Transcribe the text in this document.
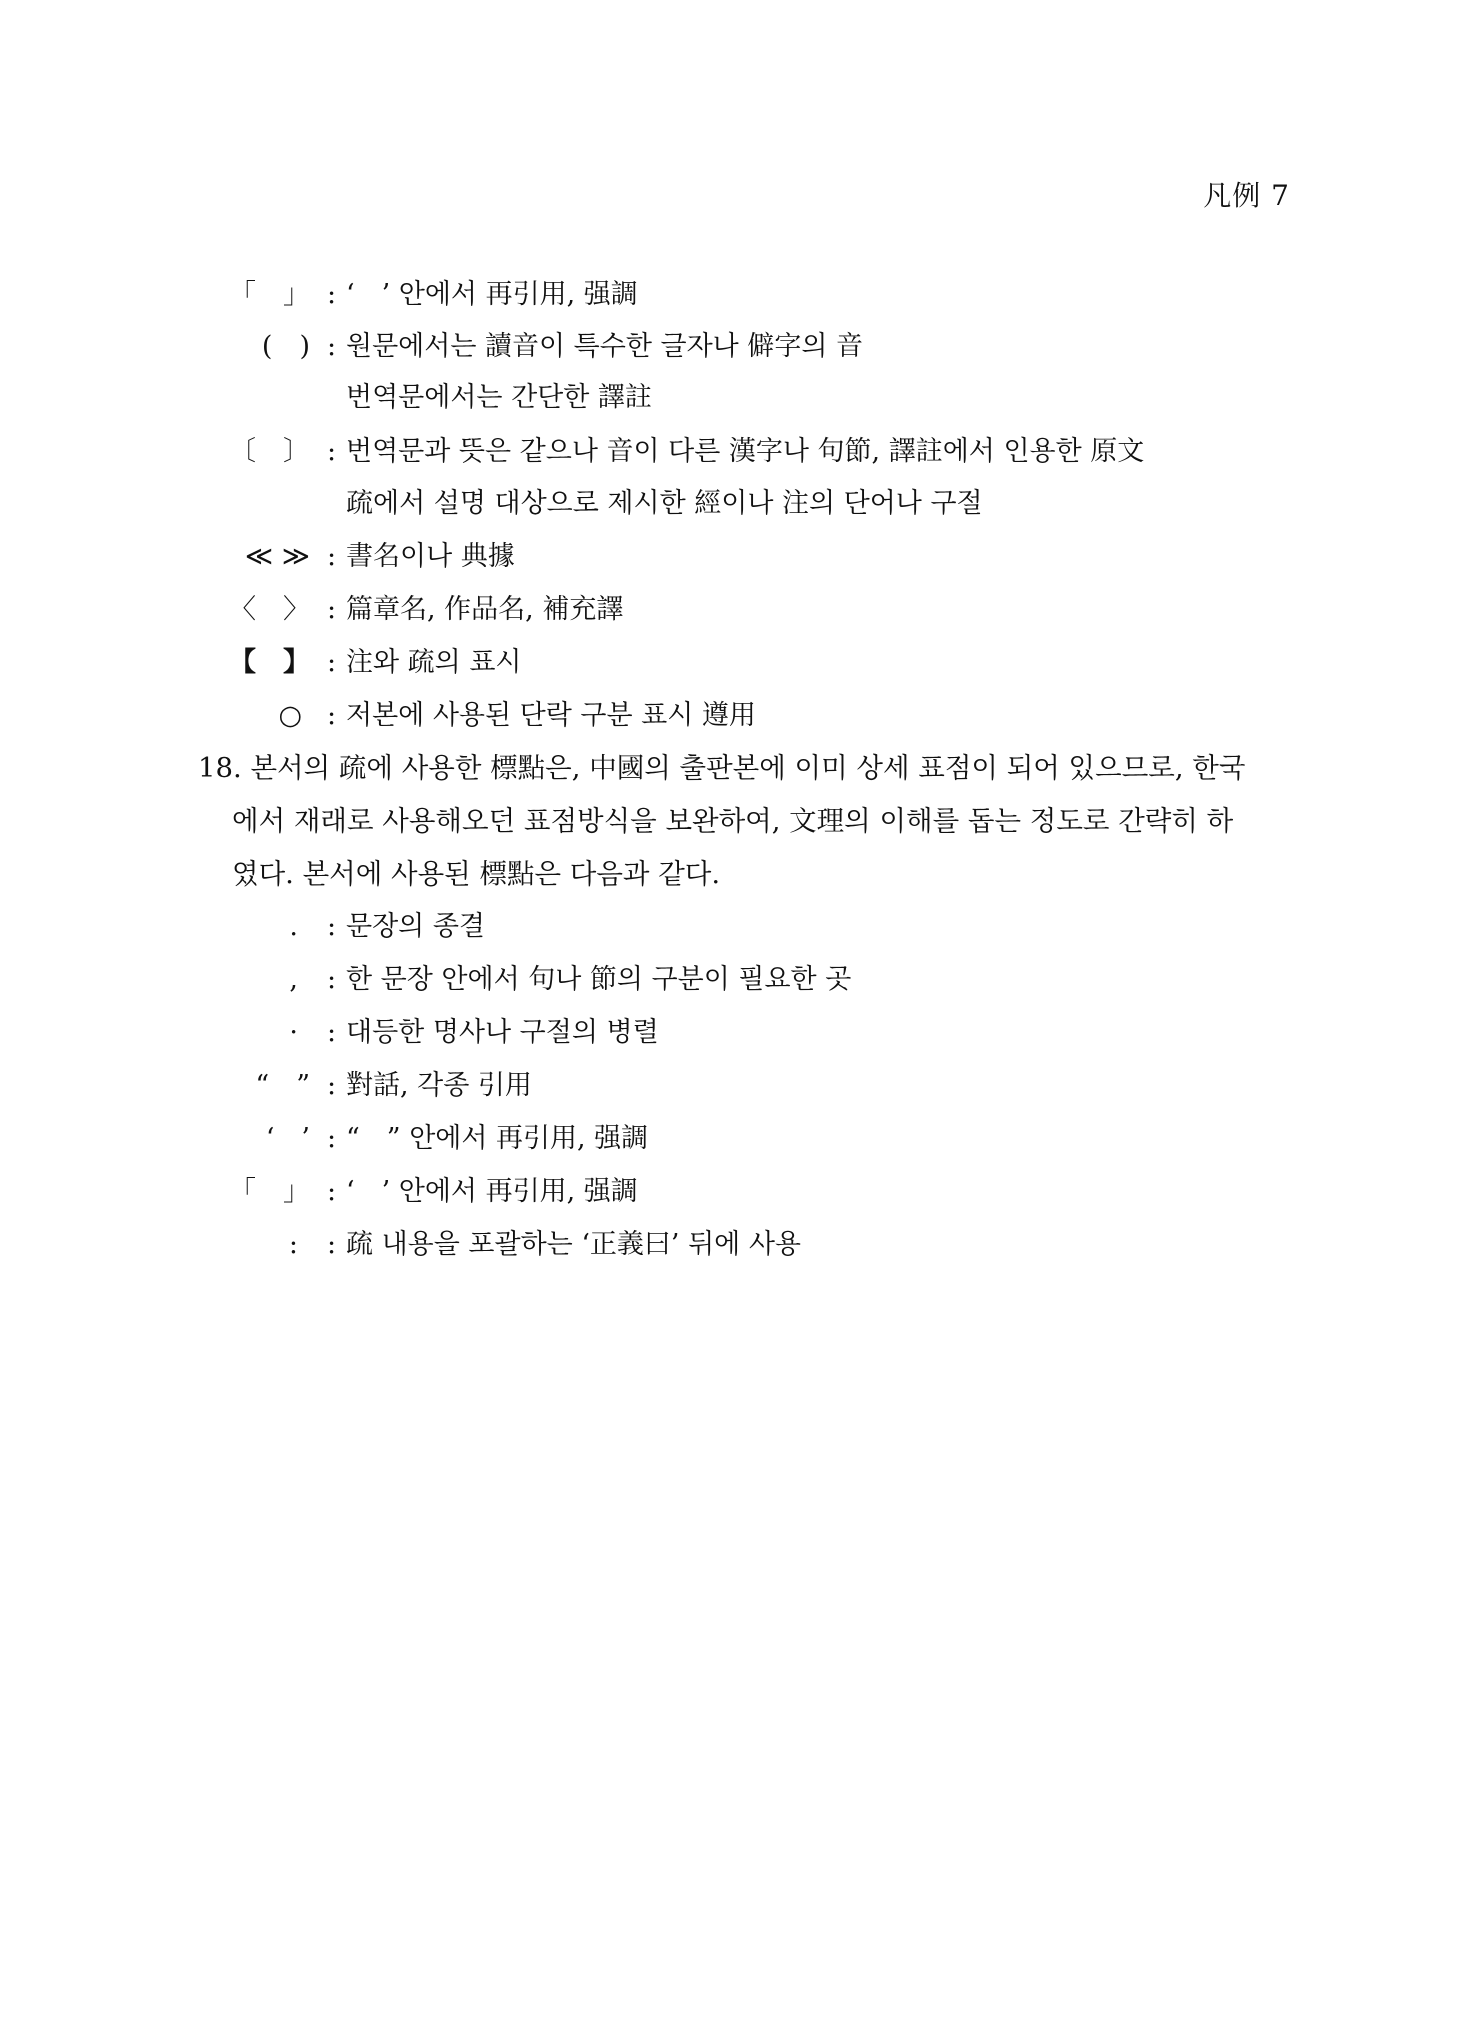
凡例 7
「　」 : ‘　’ 안에서 再引用, 强調
(　) : 원문에서는 讀音이 특수한 글자나 僻字의 音
번역문에서는 간단한 譯註
〔　〕 : 번역문과 뜻은 같으나 音이 다른 漢字나 句節, 譯註에서 인용한 原文
疏에서 설명 대상으로 제시한 經이나 注의 단어나 구절
≪ ≫ : 書名이나 典據
〈　〉 : 篇章名, 作品名, 補充譯
【　】 : 注와 疏의 표시
○ : 저본에 사용된 단락 구분 표시 遵用
18. 본서의 疏에 사용한 標點은, 中國의 출판본에 이미 상세 표점이 되어 있으므로, 한국
에서 재래로 사용해오던 표점방식을 보완하여, 文理의 이해를 돕는 정도로 간략히 하
였다. 본서에 사용된 標點은 다음과 같다.
. : 문장의 종결
, : 한 문장 안에서 句나 節의 구분이 필요한 곳
· : 대등한 명사나 구절의 병렬
“　” : 對話, 각종 引用
‘　’ : “　” 안에서 再引用, 强調
「　」 : ‘　’ 안에서 再引用, 强調
: : 疏 내용을 포괄하는 ‘正義曰’ 뒤에 사용
